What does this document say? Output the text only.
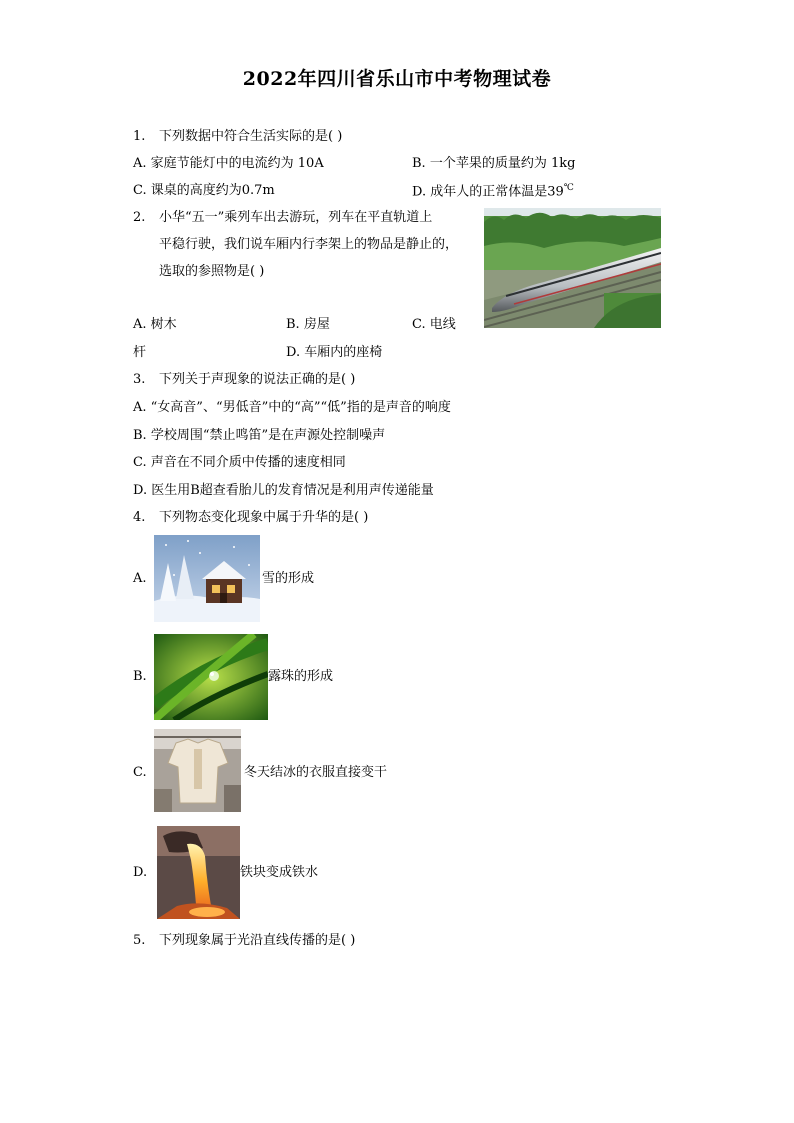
2022年四川省乐山市中考物理试卷
1. 下列数据中符合生活实际的是( )
A. 家庭节能灯中的电流约为 10A	B. 一个苹果的质量约为 1kg
C. 课桌的高度约为0.7m	D. 成年人的正常体温是39℃
2. 小华“五一”乘列车出去游玩，列车在平直轨道上
平稳行驶，我们说车厢内行李架上的物品是静止的，
选取的参照物是( )
A. 树木	B. 房屋	C. 电线
杆	D. 车厢内的座椅
3. 下列关于声现象的说法正确的是( )
A. “女高音”、“男低音”中的“高”“低”指的是声音的响度
B. 学校周围“禁止鸣笛”是在声源处控制噪声
C. 声音在不同介质中传播的速度相同
D. 医生用B超查看胎儿的发育情况是利用声传递能量
4. 下列物态变化现象中属于升华的是( )
A.	雪的形成
B.	露珠的形成
C.	冬天结冰的衣服直接变干
D.	铁块变成铁水
5. 下列现象属于光沿直线传播的是( )
